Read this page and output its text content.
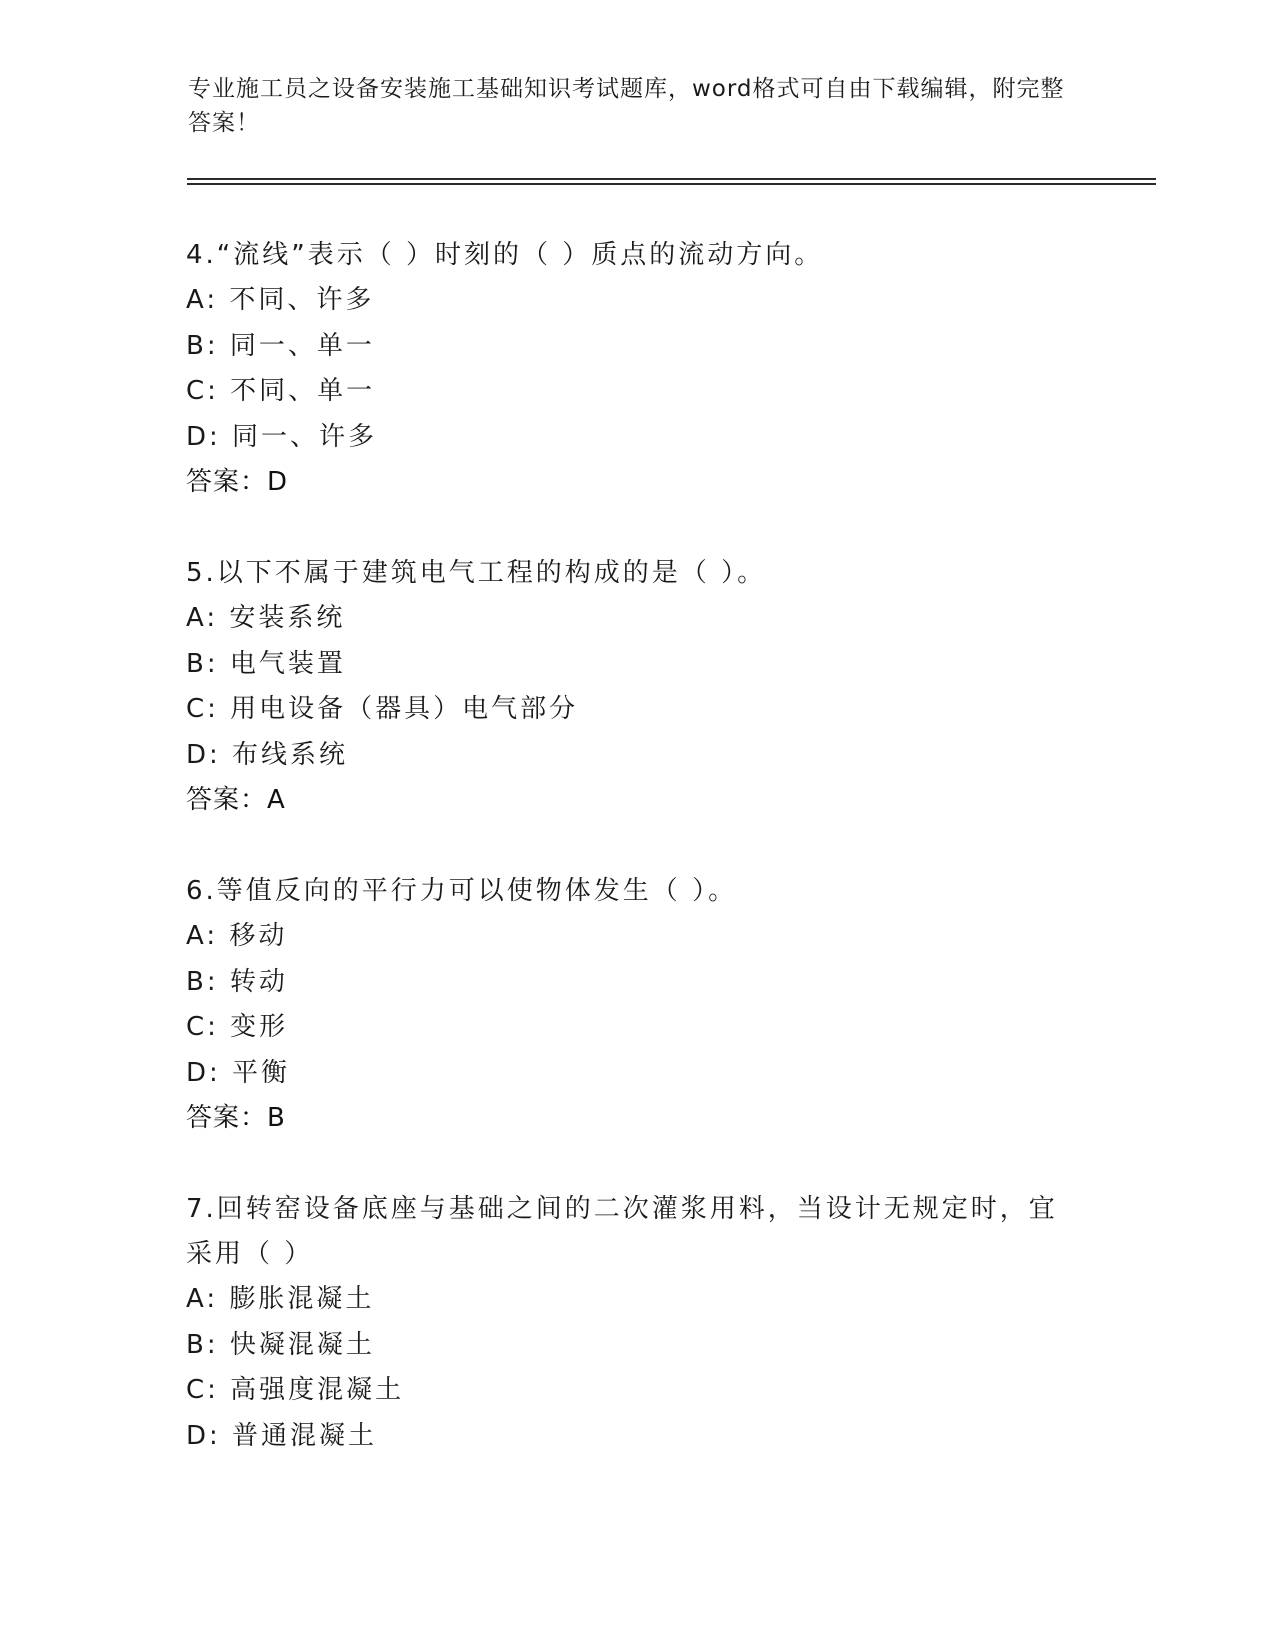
专业施工员之设备安装施工基础知识考试题库，word格式可自由下载编辑，附完整答案！
4.“流线”表示（ ）时刻的（ ）质点的流动方向。
A: 不同、许多
B: 同一、单一
C: 不同、单一
D: 同一、许多
答案：D
5.以下不属于建筑电气工程的构成的是（ ）。
A: 安装系统
B: 电气装置
C: 用电设备（器具）电气部分
D: 布线系统
答案：A
6.等值反向的平行力可以使物体发生（ ）。
A: 移动
B: 转动
C: 变形
D: 平衡
答案：B
7.回转窑设备底座与基础之间的二次灌浆用料，当设计无规定时，宜采用（ ）
A: 膨胀混凝土
B: 快凝混凝土
C: 高强度混凝土
D: 普通混凝土
